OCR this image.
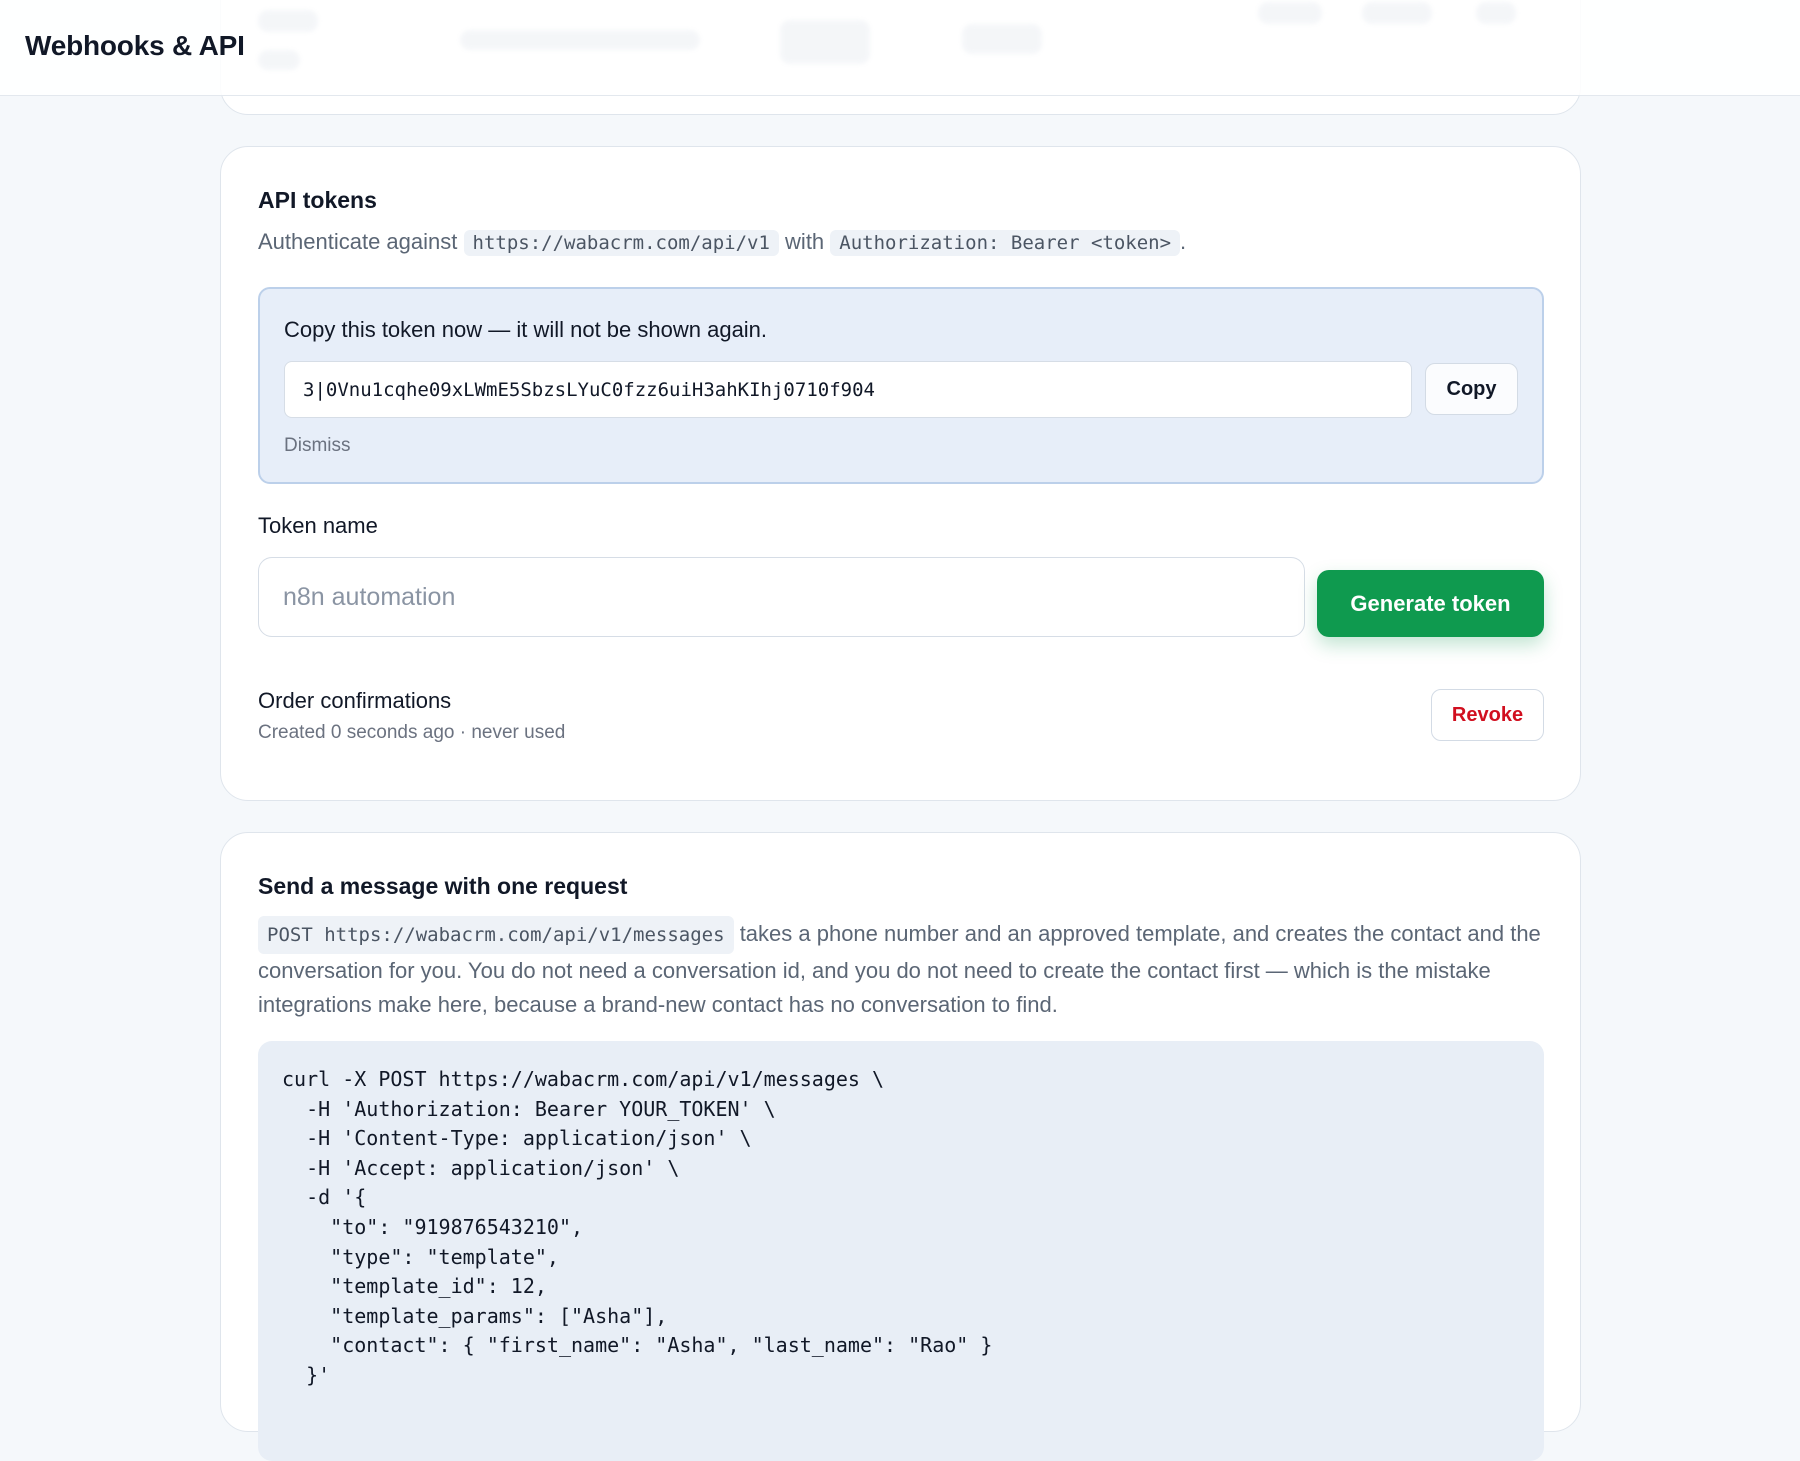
Webhooks & API
API tokens
Authenticate against https://wabacrm.com/api/v1 with Authorization: Bearer <token> .
Copy this token now — it will not be shown again.
3|0Vnu1cqhe09xLWmE5SbzsLYuC0fzz6uiH3ahKIhj0710f904	Copy
Dismiss
Token name
n8n automation
Generate token
Order confirmations
Created 0 seconds ago · never used
Revoke
Send a message with one request
POST https://wabacrm.com/api/v1/messages takes a phone number and an approved template, and creates the contact and the conversation for you. You do not need a conversation id, and you do not need to create the contact first — which is the mistake integrations make here, because a brand-new contact has no conversation to find.
curl -X POST https://wabacrm.com/api/v1/messages \
-H 'Authorization: Bearer YOUR_TOKEN' \
-H 'Content-Type: application/json' \
-H 'Accept: application/json' \
-d '{
"to": "919876543210",
"type": "template",
"template_id": 12,
"template_params": ["Asha"],
"contact": { "first_name": "Asha", "last_name": "Rao" }
}'
